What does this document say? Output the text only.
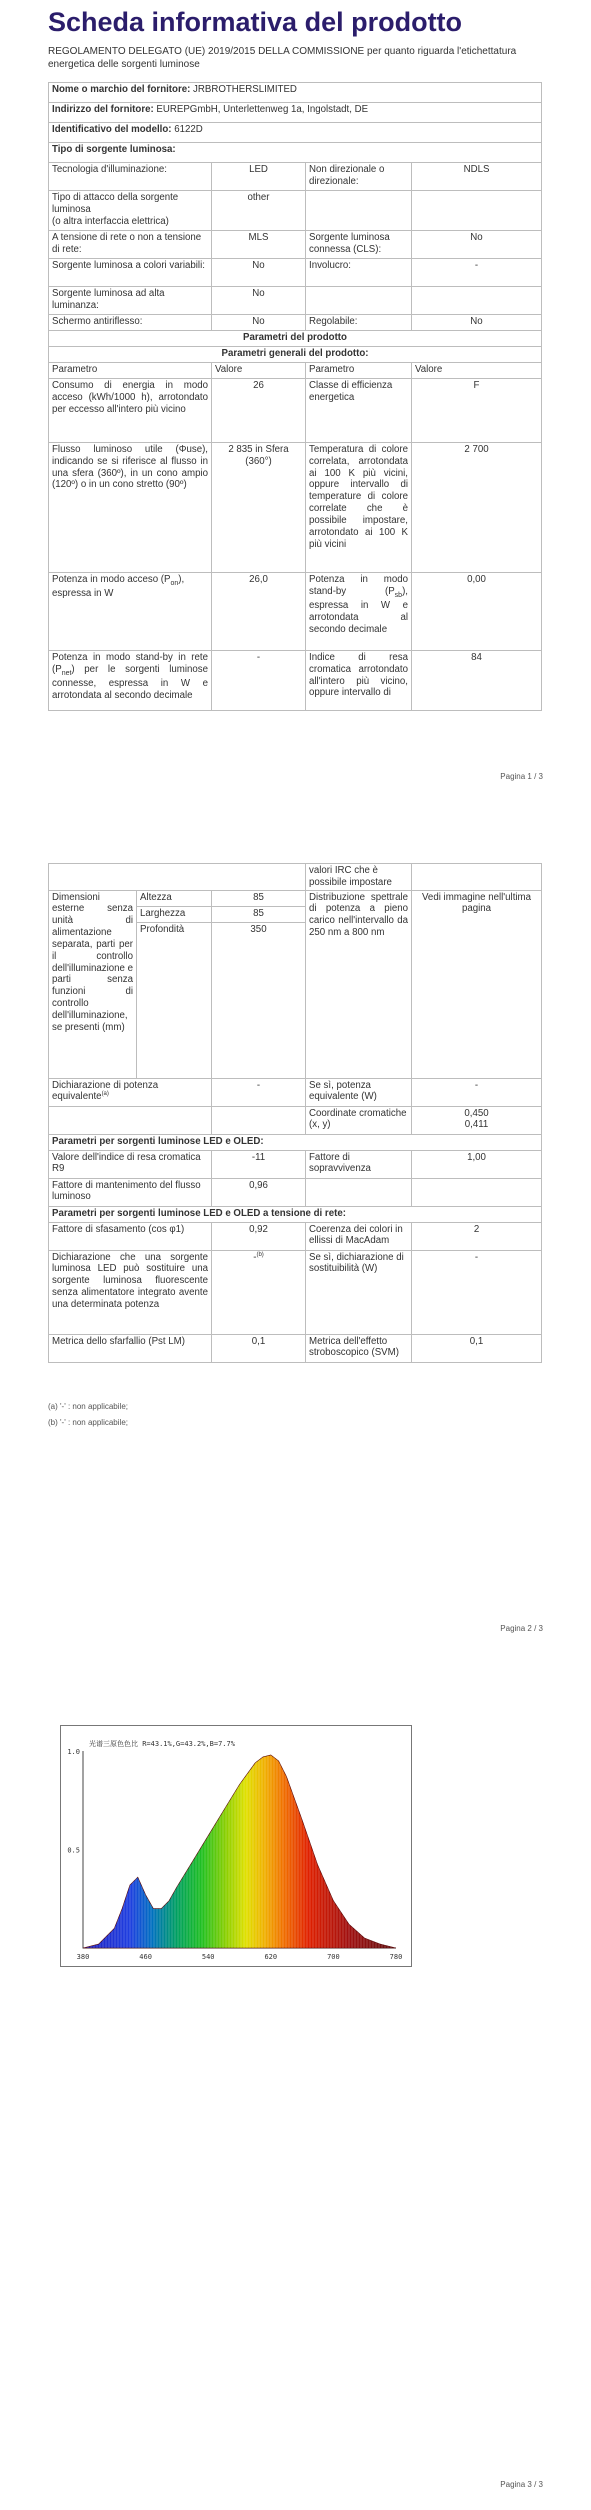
Scheda informativa del prodotto
REGOLAMENTO DELEGATO (UE) 2019/2015 DELLA COMMISSIONE per quanto riguarda l'etichettatura energetica delle sorgenti luminose
Nome o marchio del fornitore: JRBROTHERSLIMITED			
Indirizzo del fornitore: EUREPGmbH, Unterlettenweg 1a, Ingolstadt, DE			
Identificativo del modello: 6122D			
Tipo di sorgente luminosa:			
Tecnologia d'illuminazione:	LED	Non direzionale o direzionale:	NDLS

Tipo di attacco della sorgente luminosa
(o altra interfaccia elettrica)	other		
A tensione di rete o non a tensione di rete:	MLS	Sorgente luminosa connessa (CLS):	No
Sorgente luminosa a colori variabili:	No	Involucro:	-
Sorgente luminosa ad alta luminanza:	No		
Schermo antiriflesso:	No	Regolabile:	No
Parametri del prodotto			
Parametri generali del prodotto:			
Parametro	Valore	Parametro	Valore
Consumo di energia in modo acceso (kWh/1000 h), arrotondato per eccesso all'intero più vicino	26	Classe di efficienza energetica	F
Flusso luminoso utile (Φuse), indicando se si riferisce al flusso in una sfera (360º), in un cono ampio (120º) o in un cono stretto (90º)	2 835 in Sfera (360°)	Temperatura di colore correlata, arrotondata ai 100 K più vicini, oppure intervallo di temperature di colore correlate che è possibile impostare, arrotondato ai 100 K più vicini	2 700
Potenza in modo acceso $(P_{on})$, espressa in W	26,0	Potenza in modo stand-by $(P_{sb})$, espressa in W e arrotondata al secondo decimale	0,00
Potenza in modo stand-by in rete $(P_{net})$ per le sorgenti luminose connesse, espressa in W e arrotondata al secondo decimale	-	Indice di resa cromatica arrotondato all'intero più vicino, oppure intervallo di	84
Pagina 1 / 3
			valori IRC che è possibile impostare	
Dimensioni esterne senza unità di alimentazione separata, parti per il controllo dell'illuminazione e parti senza funzioni di controllo dell'illuminazione, se presenti (mm)	Altezza	85	Distribuzione spettrale di potenza a pieno carico nell'intervallo da 250 nm a 800 nm	Vedi immagine nell'ultima pagina
	Larghezza	85		
	Profondità	350		
Dichiarazione di potenza equivalente$^{(a)}$		-	Se sì, potenza equivalente (W)	-
			Coordinate cromatiche (x, y)	0,450
0,411

Parametri per sorgenti luminose LED e OLED:				
Valore dell'indice di resa cromatica R9		-11	Fattore di sopravvivenza	1,00
Fattore di mantenimento del flusso luminoso		0,96		
Parametri per sorgenti luminose LED e OLED a tensione di rete:				
Fattore di sfasamento (cos φ1)		0,92	Coerenza dei colori in ellissi di MacAdam	2
Dichiarazione che una sorgente luminosa LED può sostituire una sorgente luminosa fluorescente senza alimentatore integrato avente una determinata potenza		-$^{(b)}$	Se sì, dichiarazione di sostituibilità (W)	-
Metrica dello sfarfallio (Pst LM)		0,1	Metrica dell'effetto stroboscopico (SVM)	0,1
(a) '-' : non applicabile;
(b) '-' : non applicabile;
Pagina 2 / 3
380	460	540	620	700	780
1.0
0.5
光谱三原色色比 R=43.1%,G=43.2%,B=7.7%
Pagina 3 / 3
